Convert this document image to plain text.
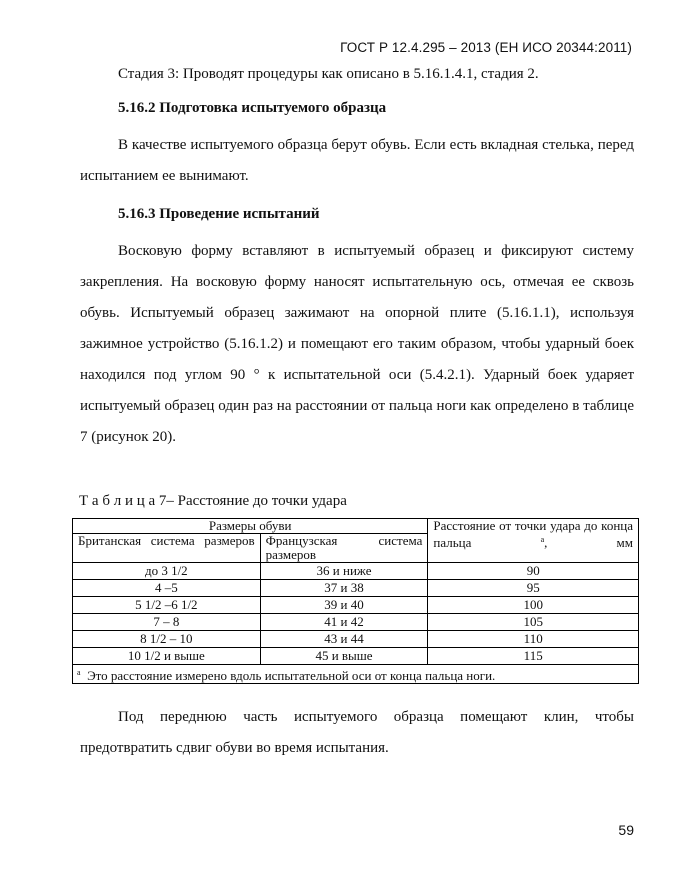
ГОСТ Р 12.4.295 – 2013 (ЕН ИСО 20344:2011)
Стадия 3: Проводят процедуры как описано в 5.16.1.4.1, стадия 2.
5.16.2 Подготовка испытуемого образца
В качестве испытуемого образца берут обувь. Если есть вкладная стелька, перед испытанием ее вынимают.
5.16.3 Проведение испытаний
Восковую форму вставляют в испытуемый образец и фиксируют систему закрепления. На восковую форму наносят испытательную ось, отмечая ее сквозь обувь. Испытуемый образец зажимают на опорной плите (5.16.1.1), используя зажимное устройство (5.16.1.2) и помещают его таким образом, чтобы ударный боек находился под углом 90 ° к испытательной оси (5.4.2.1). Ударный боек ударяет испытуемый образец один раз на расстоянии от пальца ноги как определено в таблице 7 (рисунок 20).
Т а б л и ц а 7– Расстояние до точки удара
Размеры обуви		Расстояние от точки удара до конца пальца $^a$, мм
Британская система размеров	Французская система размеров	
до 3 1/2	36 и ниже	90
4 –5	37 и 38	95
5 1/2 –6 1/2	39 и 40	100
7 – 8	41 и 42	105
8 1/2 – 10	43 и 44	110
10 1/2 и выше	45 и выше	115
$^a$ Это расстояние измерено вдоль испытательной оси от конца пальца ноги.		
Под переднюю часть испытуемого образца помещают клин, чтобы предотвратить сдвиг обуви во время испытания.
59
